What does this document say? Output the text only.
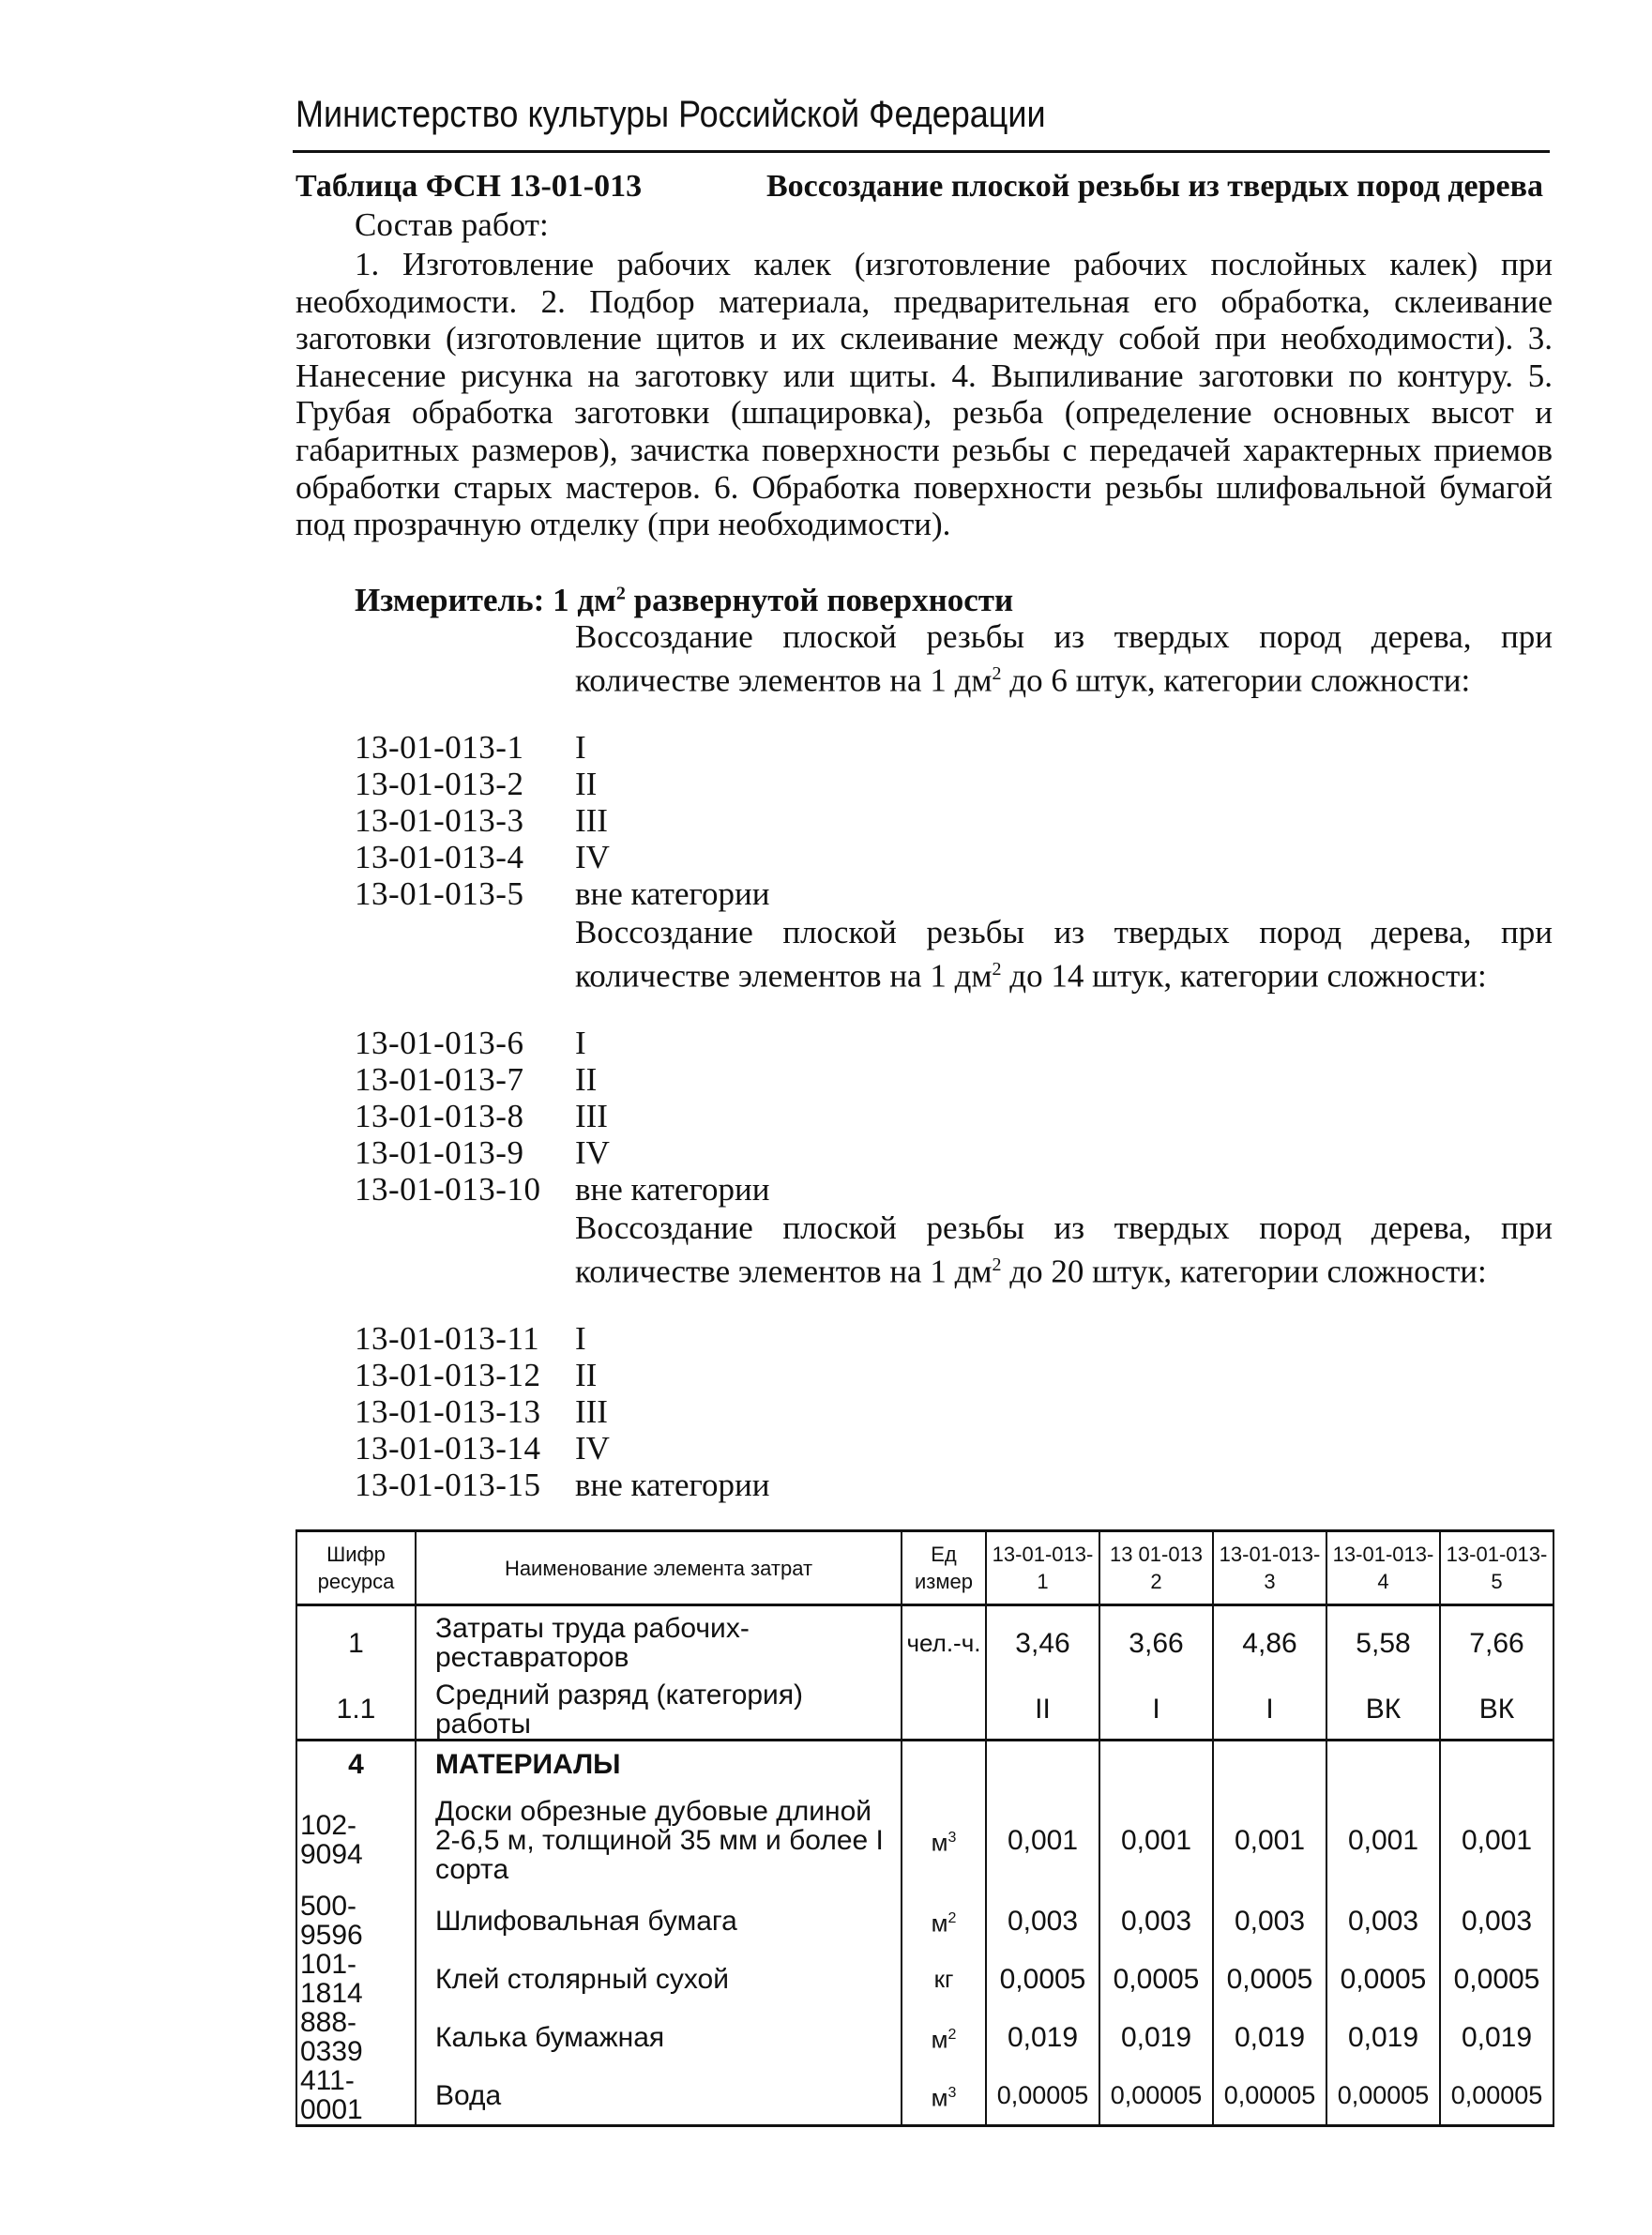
Министерство культуры Российской Федерации
Таблица ФСН 13-01-013	Воссоздание плоской резьбы из твердых пород дерева
Состав работ:
1. Изготовление рабочих калек (изготовление рабочих послойных калек) при необходимости. 2. Подбор материала, предварительная его обработка, склеивание заготовки (изготовление щитов и их склеивание между собой при необходимости). 3. Нанесение рисунка на заготовку или щиты. 4. Выпиливание заготовки по контуру. 5. Грубая обработка заготовки (шпацировка), резьба (определение основных высот и габаритных размеров), зачистка поверхности резьбы с передачей характерных приемов обработки старых мастеров. 6. Обработка поверхности резьбы шлифовальной бумагой под прозрачную отделку (при необходимости).
Измеритель: 1 $дм^2$ развернутой поверхности
Воссоздание плоской резьбы из твердых пород дерева, при количестве элементов на 1 $дм^2$ до 6 штук, категории сложности:
13-01-013-1 I
13-01-013-2 II
13-01-013-3 III
13-01-013-4 IV
13-01-013-5 вне категории
Воссоздание плоской резьбы из твердых пород дерева, при количестве элементов на 1 $дм^2$ до 14 штук, категории сложности:
13-01-013-6 I
13-01-013-7 II
13-01-013-8 III
13-01-013-9 IV
13-01-013-10 вне категории
Воссоздание плоской резьбы из твердых пород дерева, при количестве элементов на 1 $дм^2$ до 20 штук, категории сложности:
13-01-013-11 I
13-01-013-12 II
13-01-013-13 III
13-01-013-14 IV
13-01-013-15 вне категории
Шифр ресурса	Наименование элемента затрат	Ед измер	13-01-013-1	13 01-013 2	13-01-013-3	13-01-013-4	13-01-013-5
1	Затраты труда рабочих-реставраторов	чел.-ч.	3,46	3,66	4,86	5,58	7,66
1.1	Средний разряд (категория) работы		II	I	I	ВК	ВК
4	МАТЕРИАЛЫ						
102-9094	Доски обрезные дубовые длиной 2-6,5 м, толщиной 35 мм и более I сорта	$м^3$	0,001	0,001	0,001	0,001	0,001
500-9596	Шлифовальная бумага	$м^2$	0,003	0,003	0,003	0,003	0,003
101-1814	Клей столярный сухой	кг	0,0005	0,0005	0,0005	0,0005	0,0005
888-0339	Калька бумажная	$м^2$	0,019	0,019	0,019	0,019	0,019
411-0001	Вода	$м^3$	0,00005	0,00005	0,00005	0,00005	0,00005
